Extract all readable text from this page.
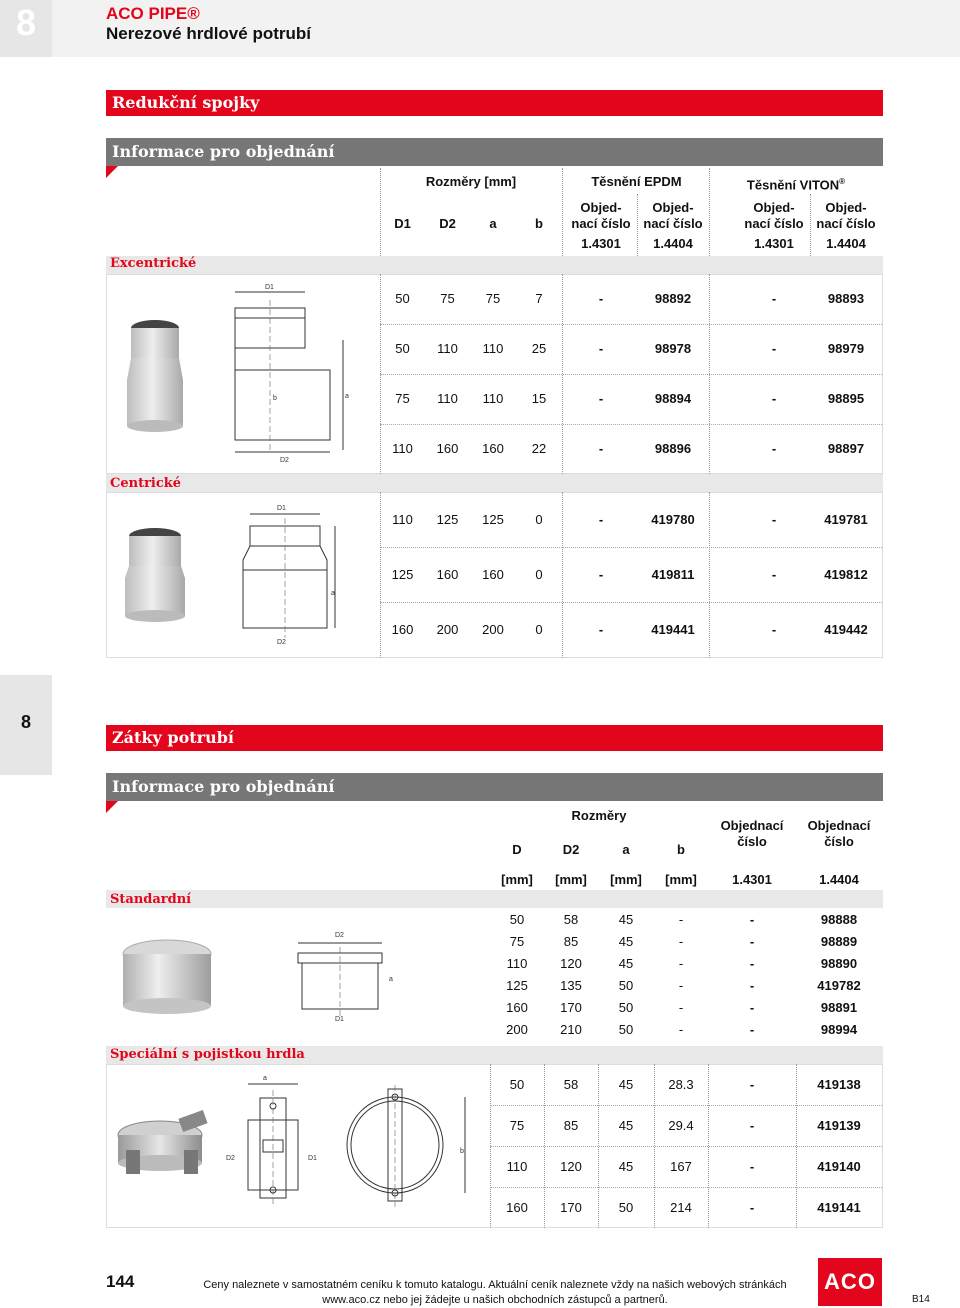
8	ACO PIPE®
Nerezové hrdlové potrubí
Redukční spojky
Informace pro objednání
Rozměry [mm]	Těsnění EPDM	Těsnění VITON®
D1	D2	a	b
Objed-
nací číslo
Objed-
nací číslo
Objed-
nací číslo
Objed-
nací číslo
1.4301	1.4404	1.4301	1.4404
Excentrické
D1
b	a
D2
50	75	75	7	-	98892	-	98893
50	110	110	25	-	98978	-	98979
75	110	110	15	-	98894	-	98895
110	160	160	22	-	98896	-	98897
Centrické
D1
a
D2
110	125	125	0	-	419780	-	419781
125	160	160	0	-	419811	-	419812
160	200	200	0	-	419441	-	419442
8
Zátky potrubí
Informace pro objednání
Rozměry
D	D2	a	b
Objednací
číslo
Objednací
číslo
[mm]	[mm]	[mm]	[mm]	1.4301	1.4404
Standardní
D2
a
D1
50	58	45	-	-	98888
75	85	45	-	-	98889
110	120	45	-	-	98890
125	135	50	-	-	419782
160	170	50	-	-	98891
200	210	50	-	-	98994
Speciální s pojistkou hrdla
a
D2	D1
b
50	58	45	28.3	-	419138
75	85	45	29.4	-	419139
110	120	45	167	-	419140
160	170	50	214	-	419141
144	Ceny naleznete v samostatném ceníku k tomuto katalogu. Aktuální ceník naleznete vždy na našich webových stránkách
www.aco.cz nebo jej žádejte u našich obchodních zástupců a partnerů.
ACO
B14
